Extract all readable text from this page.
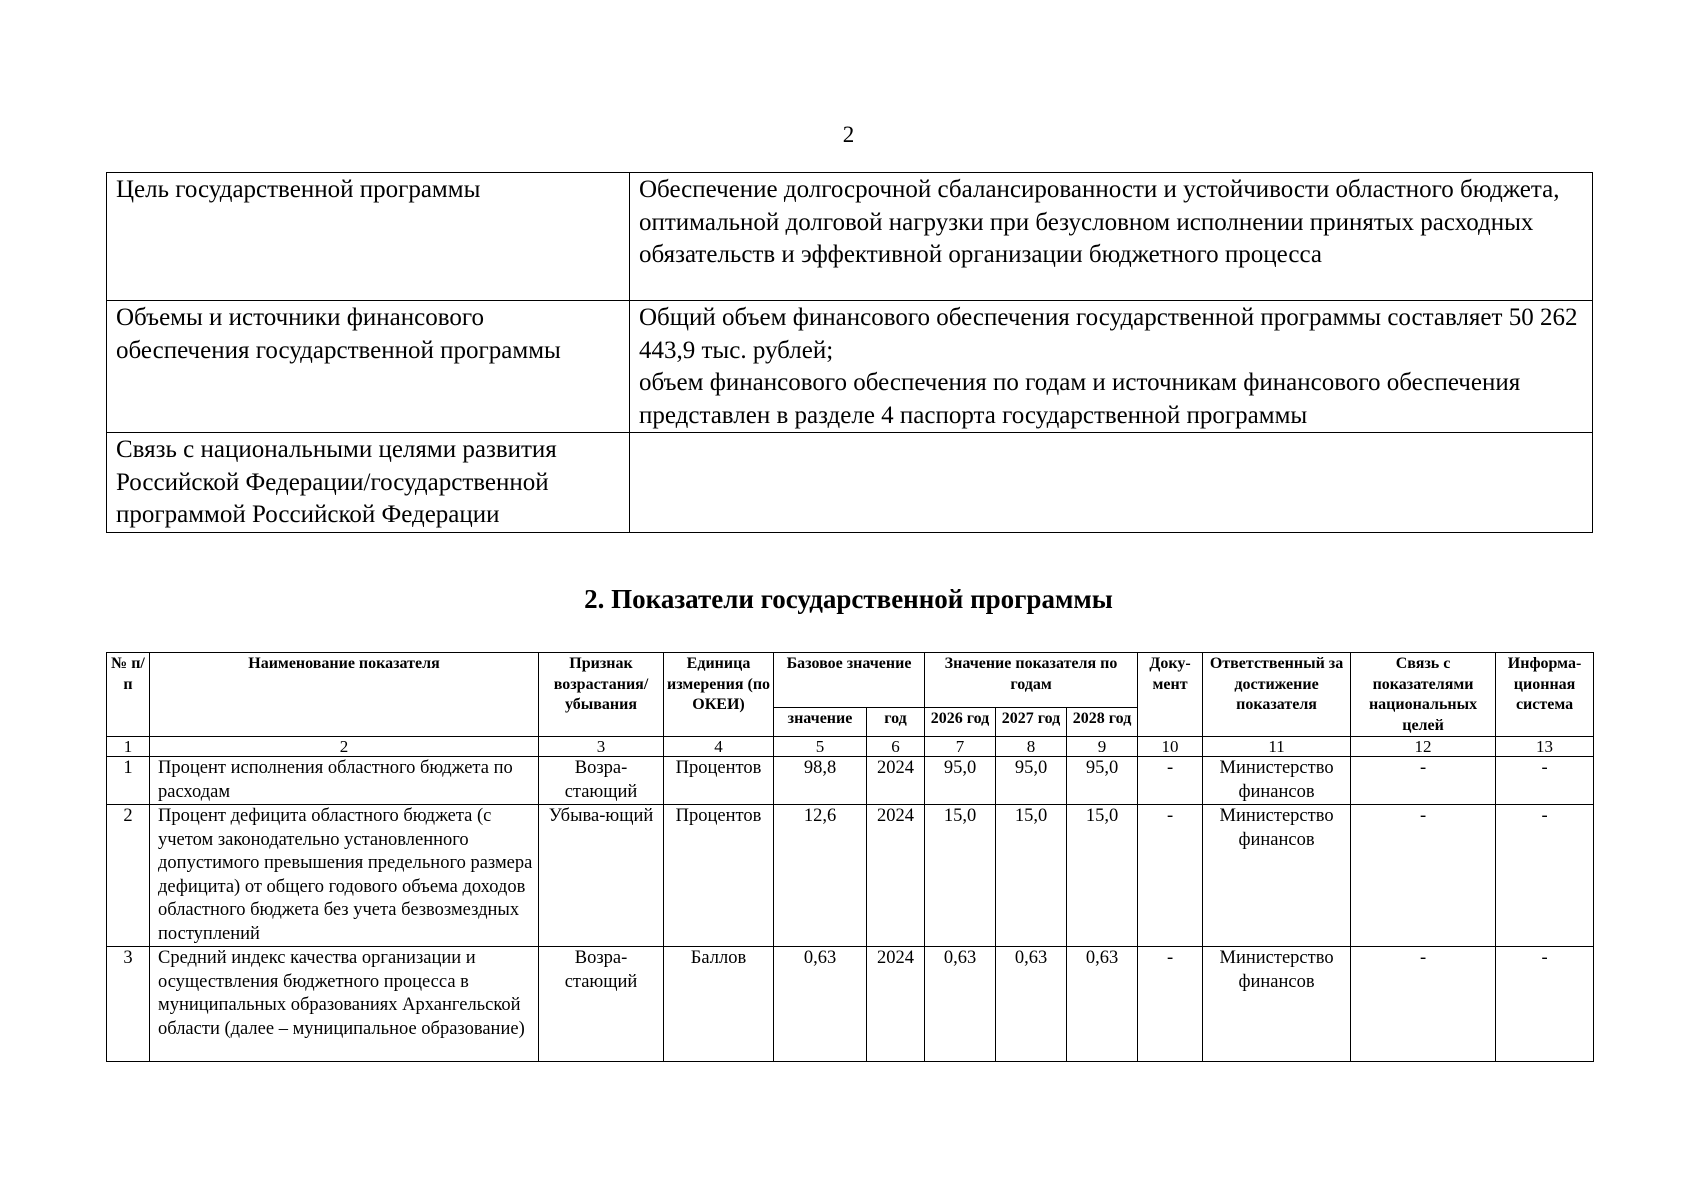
2
Цель государственной программы	Обеспечение долгосрочной сбалансированности и устойчивости областного бюджета, оптимальной долговой нагрузки при безусловном исполнении принятых расходных обязательств и эффективной организации бюджетного процесса

Объемы и источники финансового обеспечения государственной программы	Общий объем финансового обеспечения государственной программы составляет 50 262 443,9 тыс. рублей;

объем финансового обеспечения по годам и источникам финансового обеспечения представлен в разделе 4 паспорта государственной программы

Связь с национальными целями развития Российской Федерации/государственной программой Российской Федерации	
2. Показатели государственной программы
№ п/п	Наименование показателя	Признак возрастания/ убывания	Единица измерения (по ОКЕИ)	Базовое значение		Значение показателя по годам			Доку-мент	Ответственный за достижение показателя	Связь с показателями национальных целей	Информа-ционная система
				значение	год	2026 год	2027 год	2028 год				
1	2	3	4	5	6	7	8	9	10	11	12	13
1	Процент исполнения областного бюджета по расходам	Возра-стающий	Процентов	98,8	2024	95,0	95,0	95,0	-	Министерство финансов	-	-
2	Процент дефицита областного бюджета (с учетом законодательно установленного допустимого превышения предельного размера дефицита) от общего годового объема доходов областного бюджета без учета безвозмездных поступлений	Убыва-ющий	Процентов	12,6	2024	15,0	15,0	15,0	-	Министерство финансов	-	-
3	Средний индекс качества организации и осуществления бюджетного процесса в муниципальных образованиях Архангельской области (далее – муниципальное образование)	Возра-стающий	Баллов	0,63	2024	0,63	0,63	0,63	-	Министерство финансов	-	-
